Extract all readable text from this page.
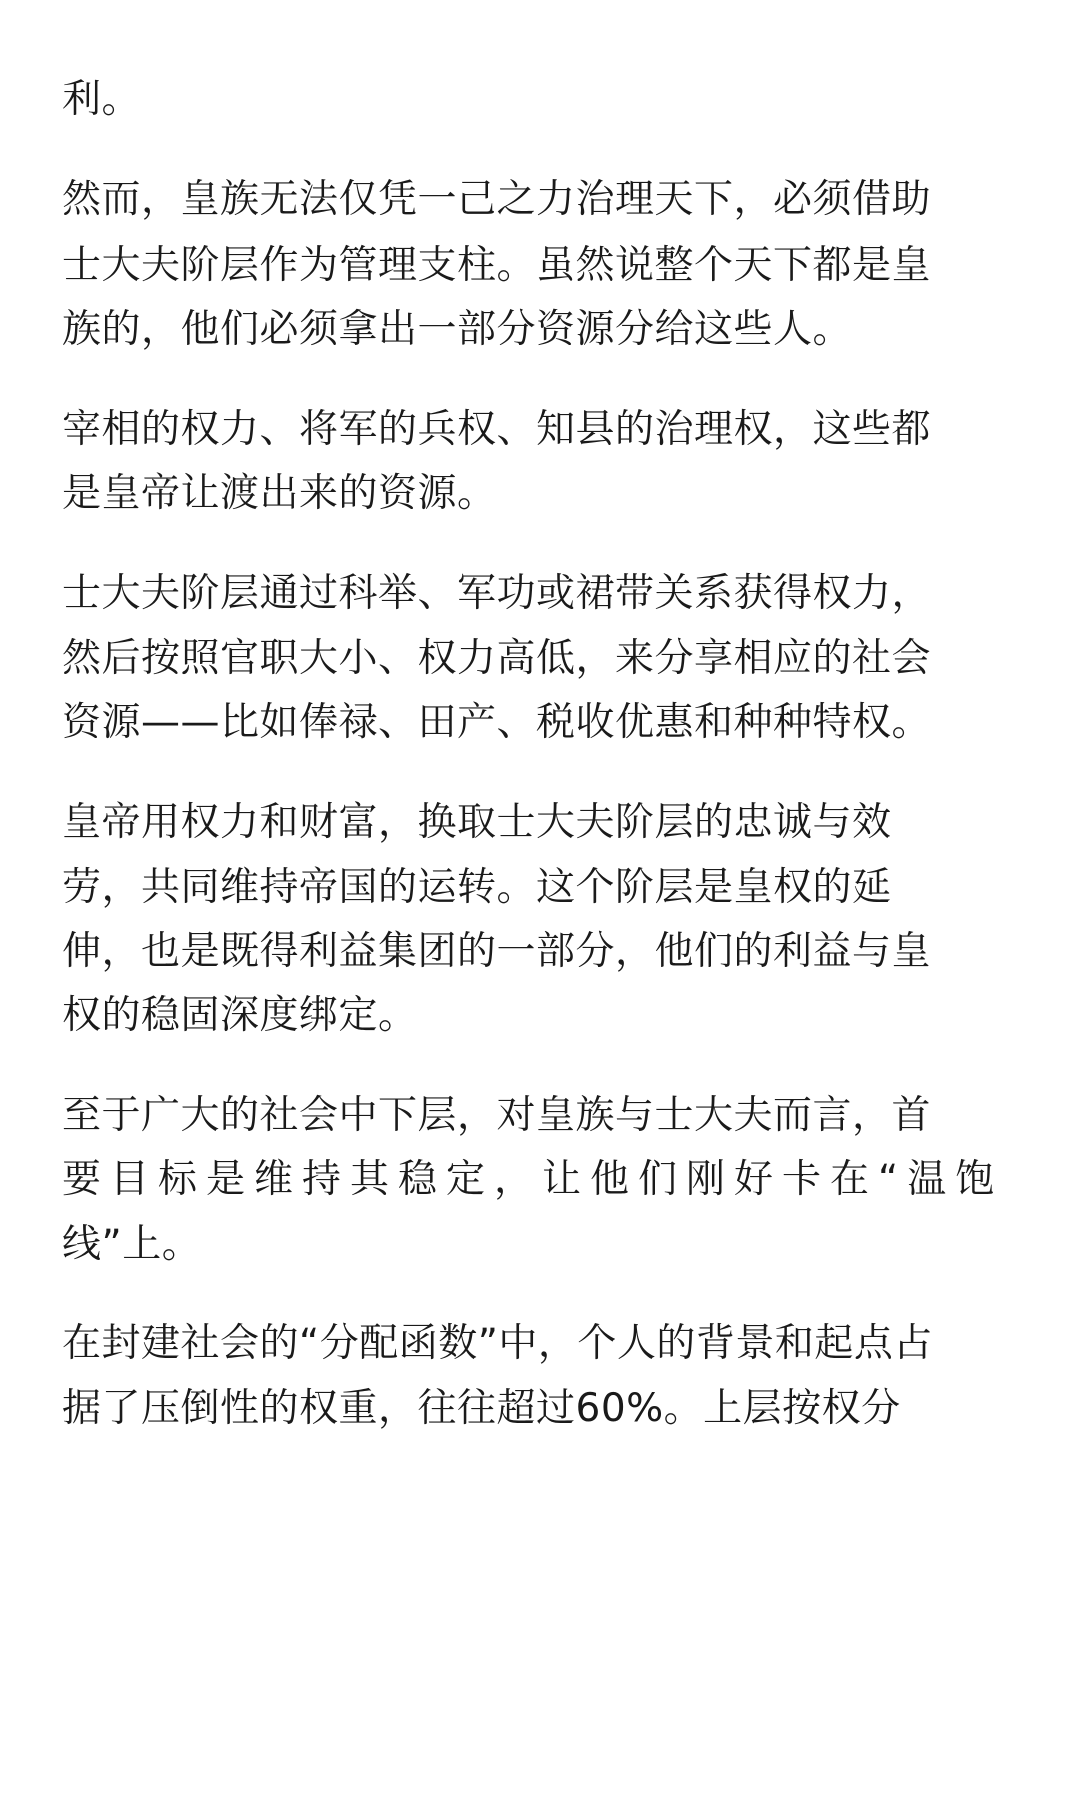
利。
然而，皇族无法仅凭一己之力治理天下，必须借助
士大夫阶层作为管理支柱。虽然说整个天下都是皇
族的，他们必须拿出一部分资源分给这些人。
宰相的权力、将军的兵权、知县的治理权，这些都
是皇帝让渡出来的资源。
士大夫阶层通过科举、军功或裙带关系获得权力，
然后按照官职大小、权力高低，来分享相应的社会
资源——比如俸禄、田产、税收优惠和种种特权。
皇帝用权力和财富，换取士大夫阶层的忠诚与效
劳，共同维持帝国的运转。这个阶层是皇权的延
伸，也是既得利益集团的一部分，他们的利益与皇
权的稳固深度绑定。
至于广大的社会中下层，对皇族与士大夫而言，首
要目标是维持其稳定，让他们刚好卡在“温饱
线”上。
在封建社会的“分配函数”中，个人的背景和起点占
据了压倒性的权重，往往超过60%。上层按权分
